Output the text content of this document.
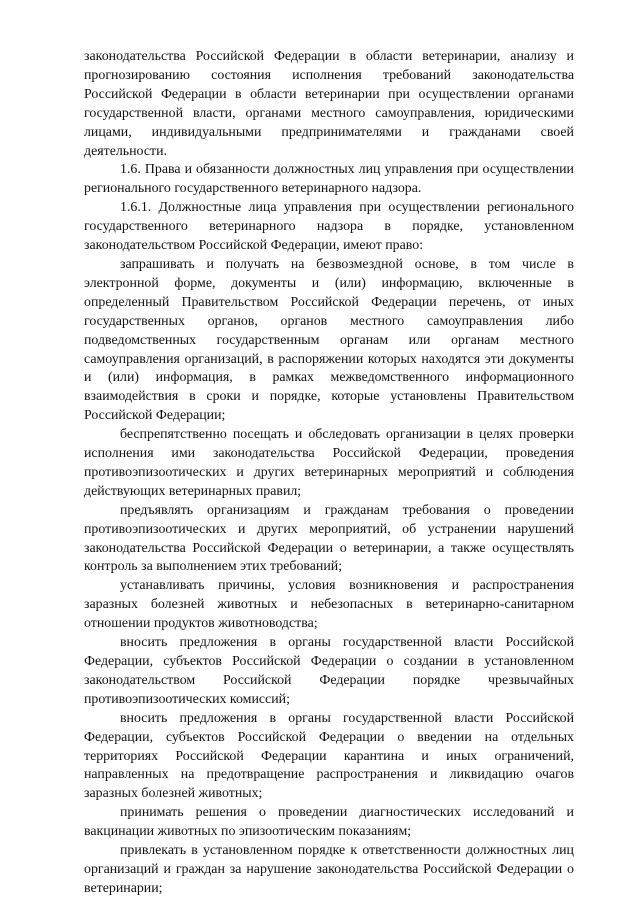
законодательства Российской Федерации в области ветеринарии, анализу и прогнозированию состояния исполнения требований законодательства Российской Федерации в области ветеринарии при осуществлении органами государственной власти, органами местного самоуправления, юридическими лицами, индивидуальными предпринимателями и гражданами своей деятельности.

1.6. Права и обязанности должностных лиц управления при осуществлении регионального государственного ветеринарного надзора.

1.6.1. Должностные лица управления при осуществлении регионального государственного ветеринарного надзора в порядке, установленном законодательством Российской Федерации, имеют право:

запрашивать и получать на безвозмездной основе, в том числе в электронной форме, документы и (или) информацию, включенные в определенный Правительством Российской Федерации перечень, от иных государственных органов, органов местного самоуправления либо подведомственных государственным органам или органам местного самоуправления организаций, в распоряжении которых находятся эти документы и (или) информация, в рамках межведомственного информационного взаимодействия в сроки и порядке, которые установлены Правительством Российской Федерации;

беспрепятственно посещать и обследовать организации в целях проверки исполнения ими законодательства Российской Федерации, проведения противоэпизоотических и других ветеринарных мероприятий и соблюдения действующих ветеринарных правил;

предъявлять организациям и гражданам требования о проведении противоэпизоотических и других мероприятий, об устранении нарушений законодательства Российской Федерации о ветеринарии, а также осуществлять контроль за выполнением этих требований;

устанавливать причины, условия возникновения и распространения заразных болезней животных и небезопасных в ветеринарно-санитарном отношении продуктов животноводства;

вносить предложения в органы государственной власти Российской Федерации, субъектов Российской Федерации о создании в установленном законодательством Российской Федерации порядке чрезвычайных противоэпизоотических комиссий;

вносить предложения в органы государственной власти Российской Федерации, субъектов Российской Федерации о введении на отдельных территориях Российской Федерации карантина и иных ограничений, направленных на предотвращение распространения и ликвидацию очагов заразных болезней животных;

принимать решения о проведении диагностических исследований и вакцинации животных по эпизоотическим показаниям;

привлекать в установленном порядке к ответственности должностных лиц организаций и граждан за нарушение законодательства Российской Федерации о ветеринарии;
